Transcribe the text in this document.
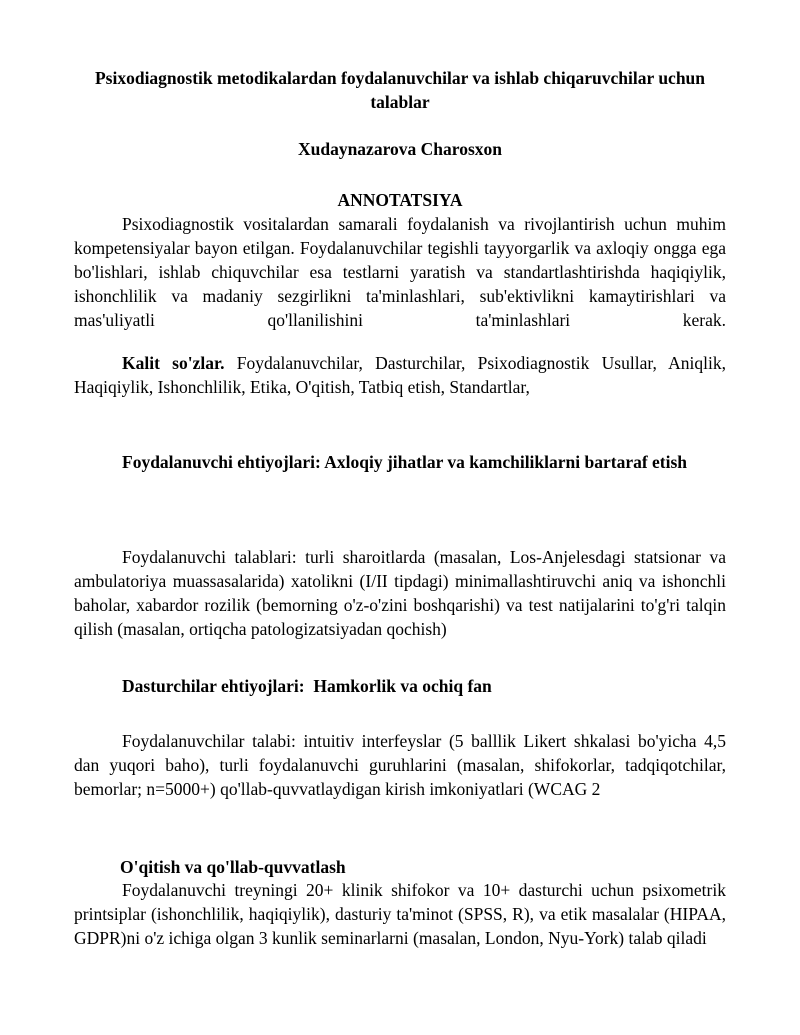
Psixodiagnostik metodikalardan foydalanuvchilar va ishlab chiqaruvchilar uchun talablar

Xudaynazarova Charosxon

ANNOTATSIYA

Psixodiagnostik vositalardan samarali foydalanish va rivojlantirish uchun muhim kompetensiyalar bayon etilgan. Foydalanuvchilar tegishli tayyorgarlik va axloqiy ongga ega bo'lishlari, ishlab chiquvchilar esa testlarni yaratish va standartlashtirishda haqiqiylik, ishonchlilik va madaniy sezgirlikni ta'minlashlari, sub'ektivlikni kamaytirishlari va mas'uliyatli qo'llanilishini ta'minlashlari kerak.

Kalit so'zlar. Foydalanuvchilar, Dasturchilar, Psixodiagnostik Usullar, Aniqlik, Haqiqiylik, Ishonchlilik, Etika, O'qitish, Tatbiq etish, Standartlar,

Foydalanuvchi ehtiyojlari: Axloqiy jihatlar va kamchiliklarni bartaraf etish

Foydalanuvchi talablari: turli sharoitlarda (masalan, Los-Anjelesdagi statsionar va ambulatoriya muassasalarida) xatolikni (I/II tipdagi) minimallashtiruvchi aniq va ishonchli baholar, xabardor rozilik (bemorning o'z-o'zini boshqarishi) va test natijalarini to'g'ri talqin qilish (masalan, ortiqcha patologizatsiyadan qochish)

Dasturchilar ehtiyojlari:  Hamkorlik va ochiq fan

Foydalanuvchilar talabi: intuitiv interfeyslar (5 balllik Likert shkalasi bo'yicha 4,5 dan yuqori baho), turli foydalanuvchi guruhlarini (masalan, shifokorlar, tadqiqotchilar, bemorlar; n=5000+) qo'llab-quvvatlaydigan kirish imkoniyatlari (WCAG 2

O'qitish va qo'llab-quvvatlash

Foydalanuvchi treyningi 20+ klinik shifokor va 10+ dasturchi uchun psixometrik printsiplar (ishonchlilik, haqiqiylik), dasturiy ta'minot (SPSS, R), va etik masalalar (HIPAA, GDPR)ni o'z ichiga olgan 3 kunlik seminarlarni (masalan, London, Nyu-York) talab qiladi
